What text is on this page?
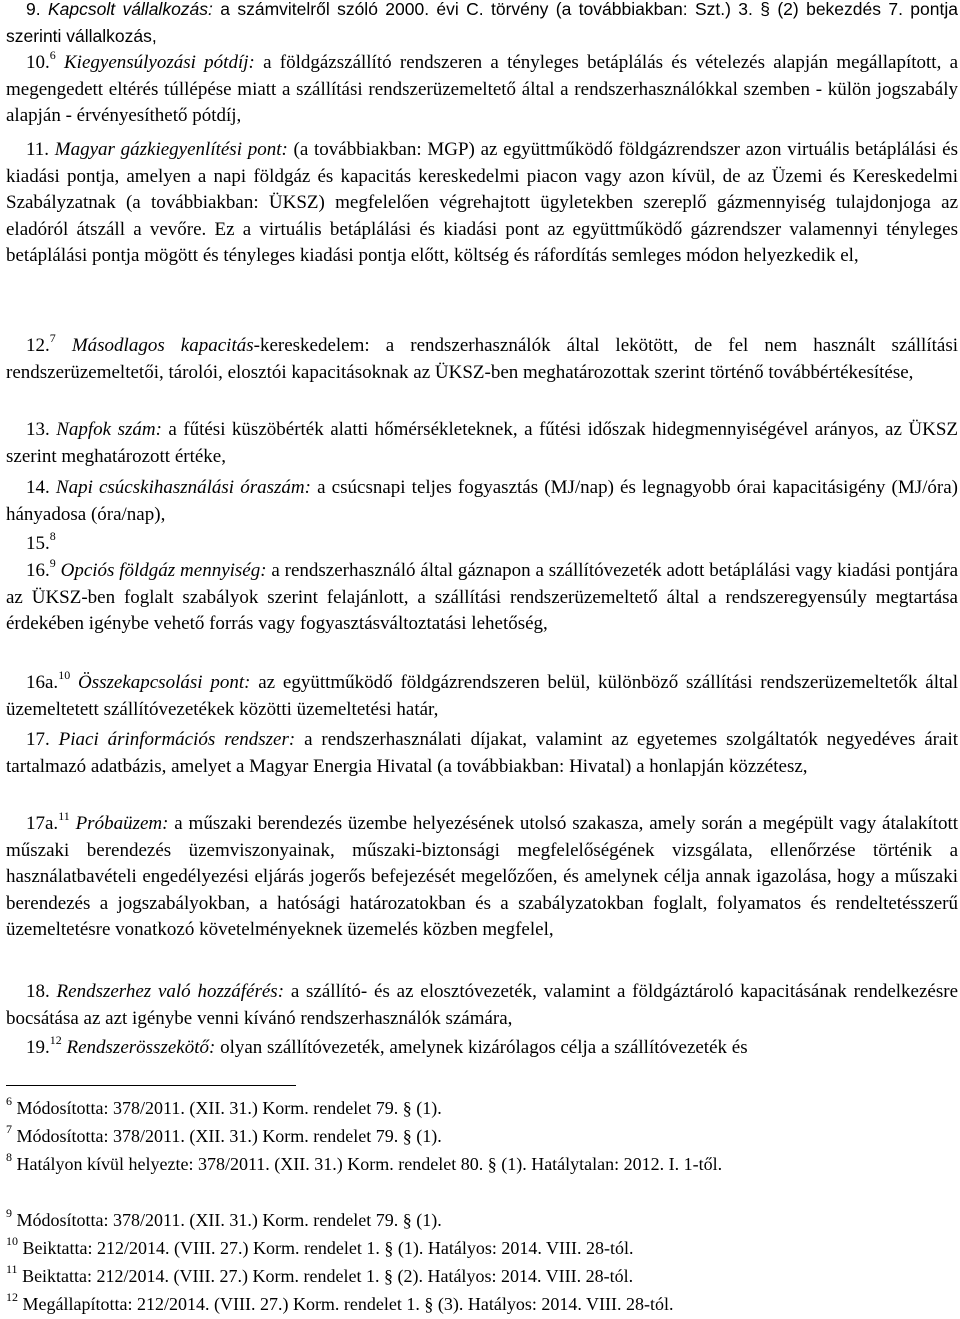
9. Kapcsolt vállalkozás: a számvitelről szóló 2000. évi C. törvény (a továbbiakban: Szt.) 3. § (2) bekezdés 7. pontja szerinti vállalkozás,

10.$^6$ Kiegyensúlyozási pótdíj: a földgázszállító rendszeren a tényleges betáplálás és vételezés alapján megállapított, a megengedett eltérés túllépése miatt a szállítási rendszerüzemeltető által a rendszerhasználókkal szemben - külön jogszabály alapján - érvényesíthető pótdíj,

11. Magyar gázkiegyenlítési pont: (a továbbiakban: MGP) az együttműködő földgázrendszer azon virtuális betáplálási és kiadási pontja, amelyen a napi földgáz és kapacitás kereskedelmi piacon vagy azon kívül, de az Üzemi és Kereskedelmi Szabályzatnak (a továbbiakban: ÜKSZ) megfelelően végrehajtott ügyletekben szereplő gázmennyiség tulajdonjoga az eladóról átszáll a vevőre. Ez a virtuális betáplálási és kiadási pont az együttműködő gázrendszer valamennyi tényleges betáplálási pontja mögött és tényleges kiadási pontja előtt, költség és ráfordítás semleges módon helyezkedik el,

12.$^7$ Másodlagos kapacitás-kereskedelem: a rendszerhasználók által lekötött, de fel nem használt szállítási rendszerüzemeltetői, tárolói, elosztói kapacitásoknak az ÜKSZ-ben meghatározottak szerint történő továbbértékesítése,

13. Napfok szám: a fűtési küszöbérték alatti hőmérsékleteknek, a fűtési időszak hidegmennyiségével arányos, az ÜKSZ szerint meghatározott értéke,

14. Napi csúcskihasználási óraszám: a csúcsnapi teljes fogyasztás (MJ/nap) és legnagyobb órai kapacitásigény (MJ/óra) hányadosa (óra/nap),

15.$^8$

16.$^9$ Opciós földgáz mennyiség: a rendszerhasználó által gáznapon a szállítóvezeték adott betáplálási vagy kiadási pontjára az ÜKSZ-ben foglalt szabályok szerint felajánlott, a szállítási rendszerüzemeltető által a rendszeregyensúly megtartása érdekében igénybe vehető forrás vagy fogyasztásváltoztatási lehetőség,

16a.$^{10}$ Összekapcsolási pont: az együttműködő földgázrendszeren belül, különböző szállítási rendszerüzemeltetők által üzemeltetett szállítóvezetékek közötti üzemeltetési határ,

17. Piaci árinformációs rendszer: a rendszerhasználati díjakat, valamint az egyetemes szolgáltatók negyedéves árait tartalmazó adatbázis, amelyet a Magyar Energia Hivatal (a továbbiakban: Hivatal) a honlapján közzétesz,

17a.$^{11}$ Próbaüzem: a műszaki berendezés üzembe helyezésének utolsó szakasza, amely során a megépült vagy átalakított műszaki berendezés üzemviszonyainak, műszaki-biztonsági megfelelőségének vizsgálata, ellenőrzése történik a használatbavételi engedélyezési eljárás jogerős befejezését megelőzően, és amelynek célja annak igazolása, hogy a műszaki berendezés a jogszabályokban, a hatósági határozatokban és a szabályzatokban foglalt, folyamatos és rendeltetésszerű üzemeltetésre vonatkozó követelményeknek üzemelés közben megfelel,

18. Rendszerhez való hozzáférés: a szállító- és az elosztóvezeték, valamint a földgáztároló kapacitásának rendelkezésre bocsátása az azt igénybe venni kívánó rendszerhasználók számára,

19.12 Rendszerösszekötő: olyan szállítóvezeték, amelynek kizárólagos célja a szállítóvezeték és

$^6$ Módosította: 378/2011. (XII. 31.) Korm. rendelet 79. § (1).

$^7$ Módosította: 378/2011. (XII. 31.) Korm. rendelet 79. § (1).

$^8$ Hatályon kívül helyezte: 378/2011. (XII. 31.) Korm. rendelet 80. § (1). Hatálytalan: 2012. I. 1-től.

$^9$ Módosította: 378/2011. (XII. 31.) Korm. rendelet 79. § (1).

$^{10}$ Beiktatta: 212/2014. (VIII. 27.) Korm. rendelet 1. § (1). Hatályos: 2014. VIII. 28-tól.

$^{11}$ Beiktatta: 212/2014. (VIII. 27.) Korm. rendelet 1. § (2). Hatályos: 2014. VIII. 28-tól.

$^{12}$ Megállapította: 212/2014. (VIII. 27.) Korm. rendelet 1. § (3). Hatályos: 2014. VIII. 28-tól.
